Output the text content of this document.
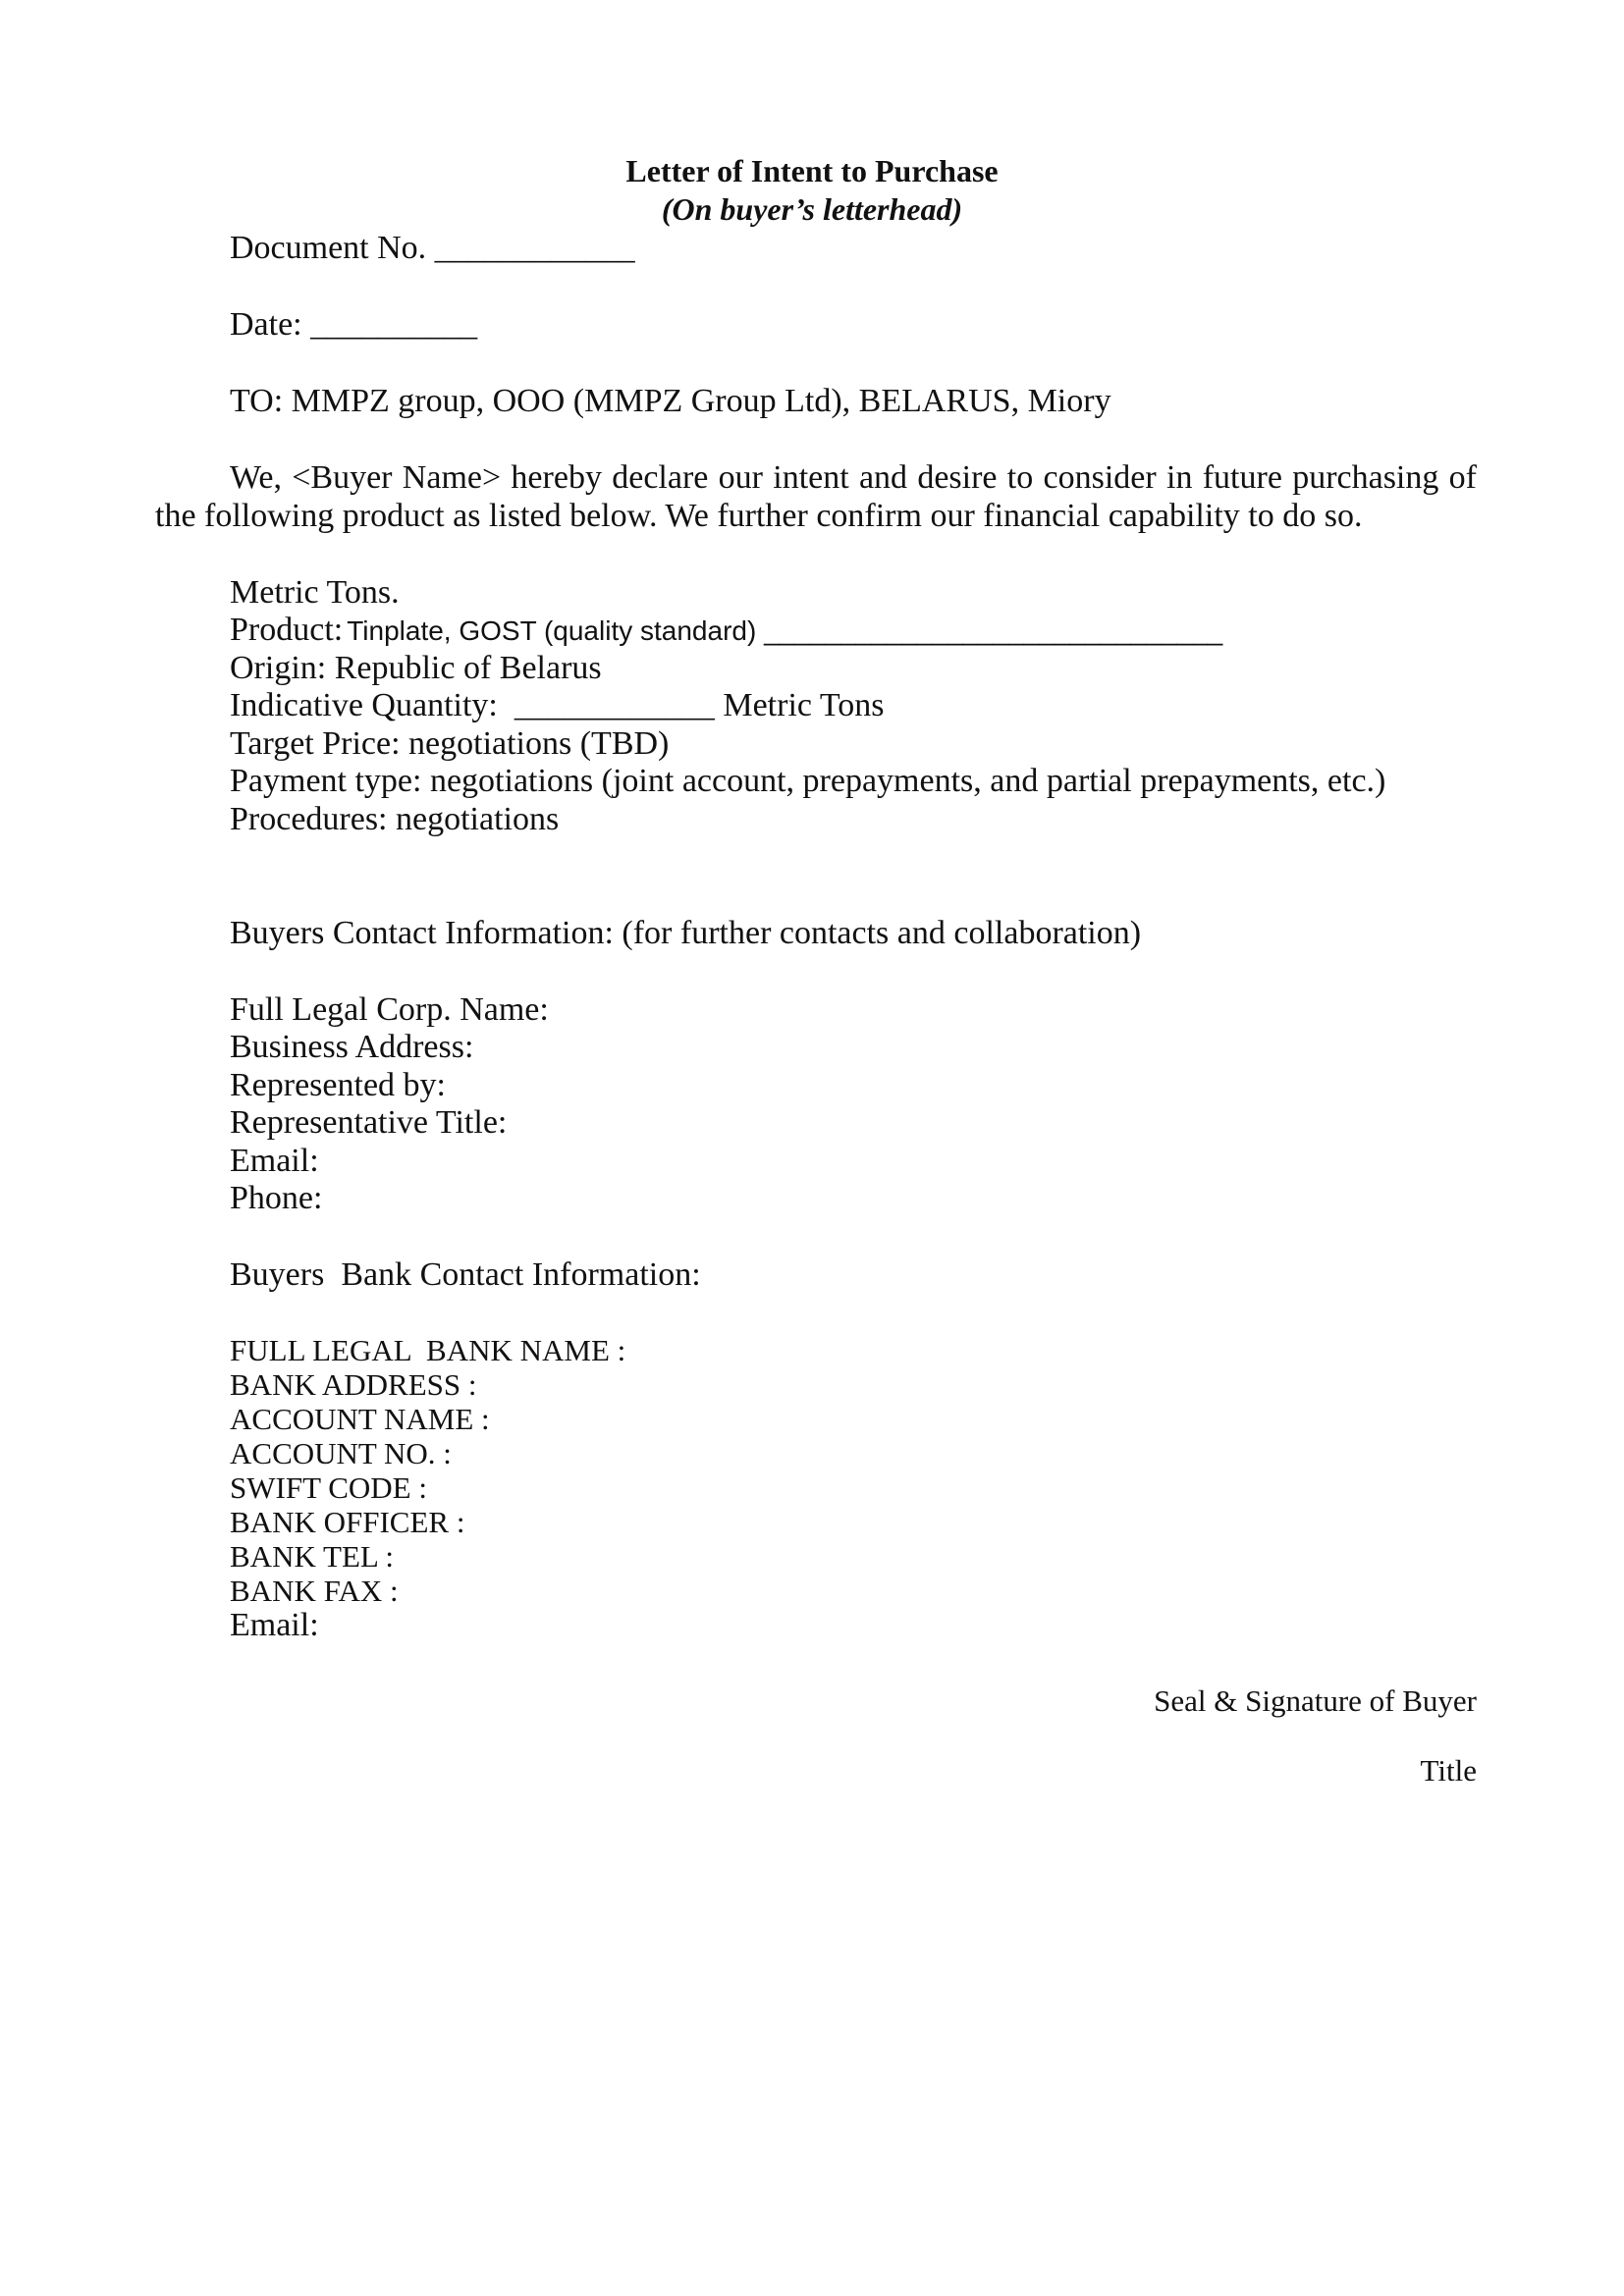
Letter of Intent to Purchase
(On buyer’s letterhead)
Document No. ____________
Date: __________
TO: MMPZ group, OOO (MMPZ Group Ltd), BELARUS, Miory
We, <Buyer Name> hereby declare our intent and desire to consider in future purchasing of
the following product as listed below. We further confirm our financial capability to do so.
Metric Tons.
Product: Tinplate, GOST (quality standard) ______________________________
Origin: Republic of Belarus
Indicative Quantity:  ____________ Metric Tons
Target Price: negotiations (TBD)
Payment type: negotiations (joint account, prepayments, and partial prepayments, etc.)
Procedures: negotiations
Buyers Contact Information: (for further contacts and collaboration)
Full Legal Corp. Name:
Business Address:
Represented by:
Representative Title:
Email:
Phone:
Buyers  Bank Contact Information:
FULL LEGAL  BANK NAME :
BANK ADDRESS :
ACCOUNT NAME :
ACCOUNT NO. :
SWIFT CODE :
BANK OFFICER :
BANK TEL :
BANK FAX :
Email:
Seal & Signature of Buyer
Title
